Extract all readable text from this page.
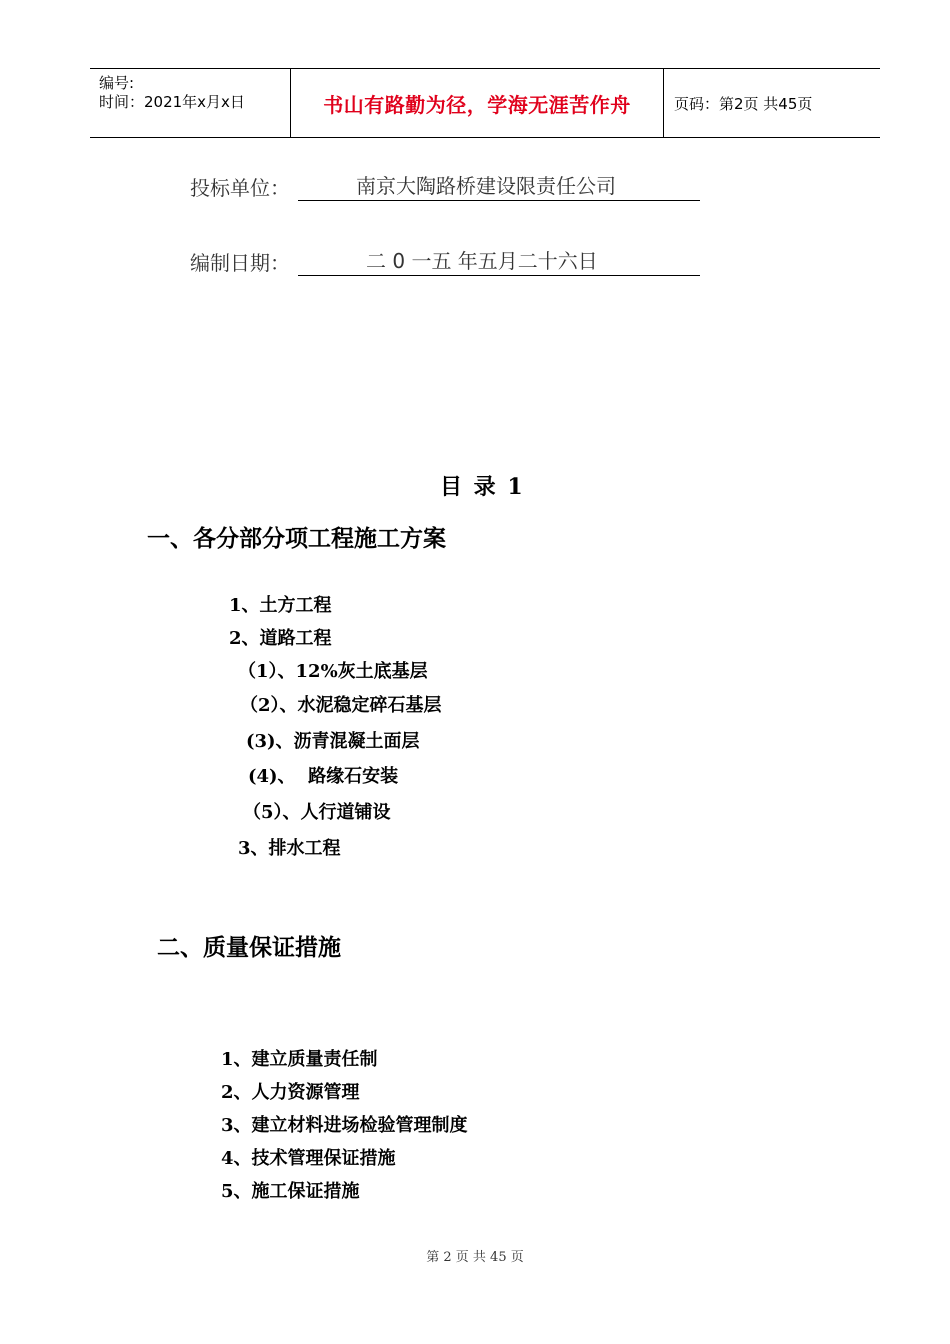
编号:
时间：2021年x月x日	书山有路勤为径，学海无涯苦作舟	页码：第2页 共45页
投标单位：	南京大陶路桥建设限责任公司
编制日期：	二 0 一五 年五月二十六日
目 录 1
一、各分部分项工程施工方案
1、土方工程
2、道路工程
（1）、12%灰土底基层
（2）、水泥稳定碎石基层
(3)、沥青混凝土面层
(4)、  路缘石安装
（5）、人行道铺设
3、排水工程
二、质量保证措施
1、建立质量责任制
2、人力资源管理
3、建立材料进场检验管理制度
4、技术管理保证措施
5、施工保证措施
第 2 页 共 45 页
